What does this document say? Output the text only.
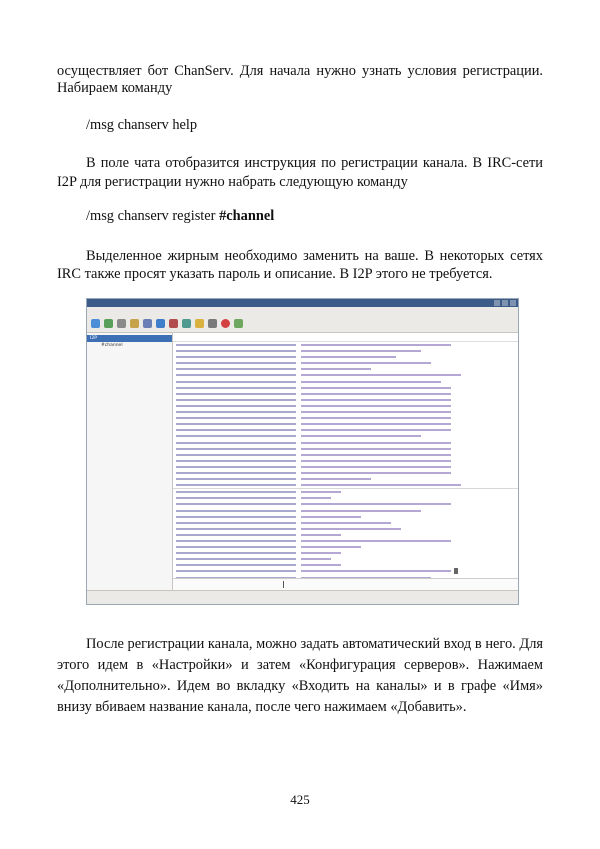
осуществляет бот ChanServ. Для начала нужно узнать условия регистрации.

Набираем команду

/msg chanserv help

В поле чата отобразится инструкция по регистрации канала. В IRC-сети

I2P для регистрации нужно набрать следующую команду

/msg chanserv register #channel

Выделенное жирным необходимо заменить на ваше. В некоторых сетях

IRC также просят указать пароль и описание. В I2P этого не требуется.

I2P
#channel

После регистрации канала, можно задать автоматический вход в него. Для

этого идем в «Настройки» и затем «Конфигурация серверов». Нажимаем

«Дополнительно». Идем во вкладку «Входить на каналы» и в графе «Имя»

внизу вбиваем название канала, после чего нажимаем «Добавить».

425
